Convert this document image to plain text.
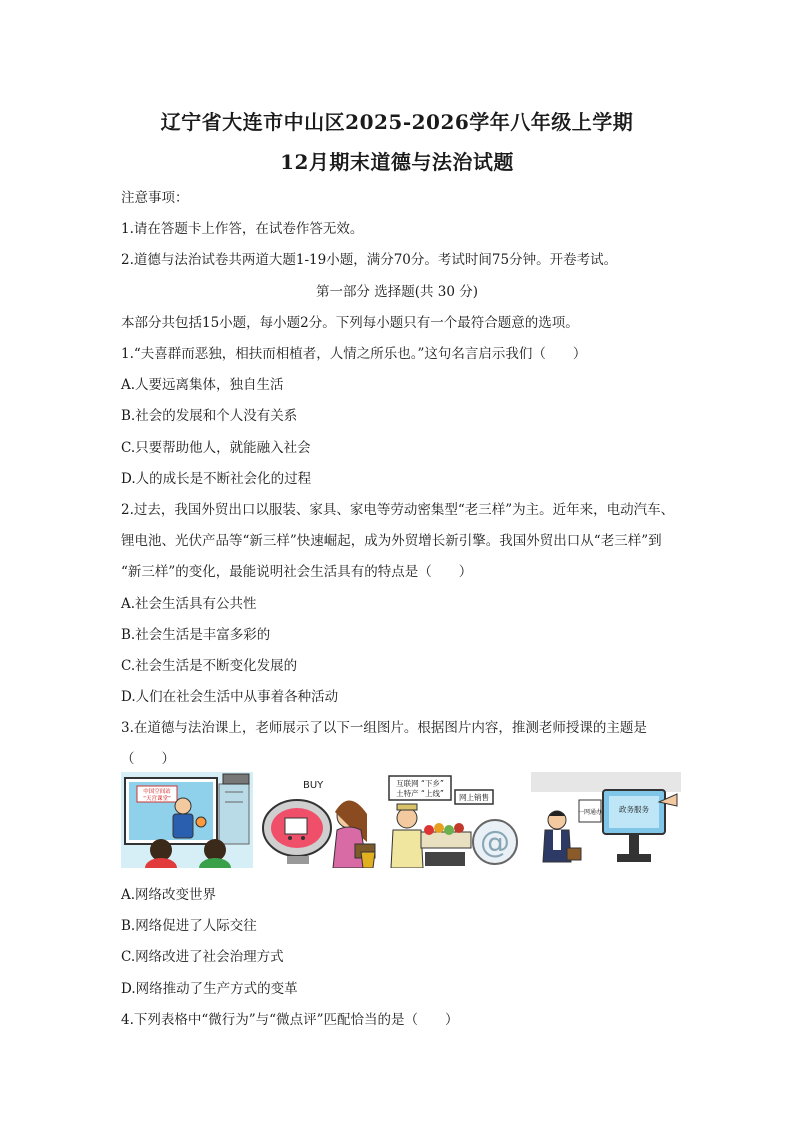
辽宁省大连市中山区2025-2026学年八年级上学期
12月期末道德与法治试题
注意事项：
1.请在答题卡上作答，在试卷作答无效。
2.道德与法治试卷共两道大题1-19小题，满分70分。考试时间75分钟。开卷考试。
第一部分 选择题(共 30 分)
本部分共包括15小题，每小题2分。下列每小题只有一个最符合题意的选项。
1.“夫喜群而恶独，相扶而相植者，人情之所乐也。”这句名言启示我们（　　）
A.人要远离集体，独自生活
B.社会的发展和个人没有关系
C.只要帮助他人，就能融入社会
D.人的成长是不断社会化的过程
2.过去，我国外贸出口以服装、家具、家电等劳动密集型“老三样”为主。近年来，电动汽车、
锂电池、光伏产品等“新三样”快速崛起，成为外贸增长新引擎。我国外贸出口从“老三样”到
“新三样”的变化，最能说明社会生活具有的特点是（　　）
A.社会生活具有公共性
B.社会生活是丰富多彩的
C.社会生活是不断变化发展的
D.人们在社会生活中从事着各种活动
3.在道德与法治课上，老师展示了以下一组图片。根据图片内容，推测老师授课的主题是
（　　）
中国空间站
“天宫课堂”
BUY	互联网 “下乡”
土特产 “上线” 网上销售
@
政务服务
一网通办
A.网络改变世界
B.网络促进了人际交往
C.网络改进了社会治理方式
D.网络推动了生产方式的变革
4.下列表格中“微行为”与“微点评”匹配恰当的是（　　）
